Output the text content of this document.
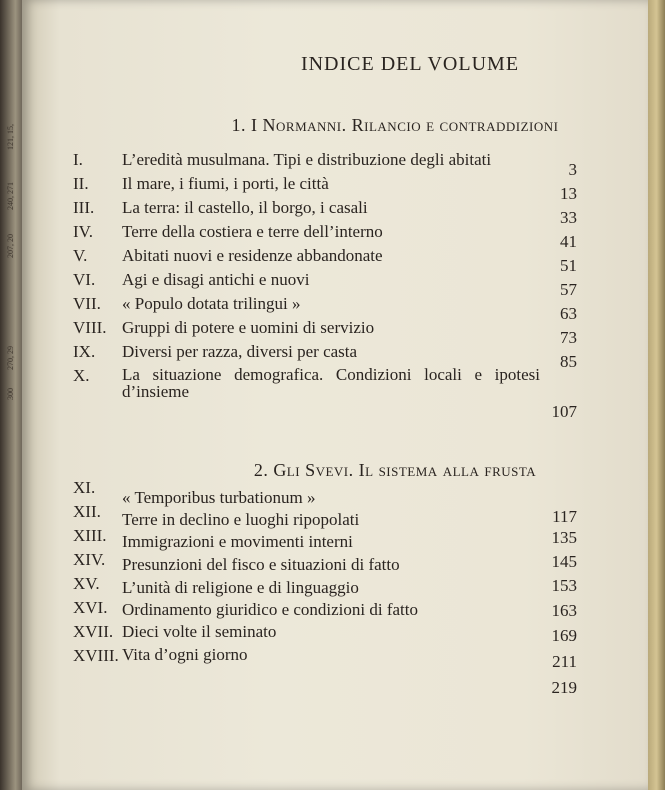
121, 15,
240, 271
207, 20
270, 29
300
INDICE DEL VOLUME
1. I Normanni. Rilancio e contraddizioni
I. L’eredità musulmana. Tipi e distribuzione degli abitati
3
II. Il mare, i fiumi, i porti, le città
13
III. La terra: il castello, il borgo, i casali
33
IV. Terre della costiera e terre dell’interno
41
V. Abitati nuovi e residenze abbandonate
51
VI. Agi e disagi antichi e nuovi
57
VII. « Populo dotata trilingui »
63
VIII. Gruppi di potere e uomini di servizio
73
IX. Diversi per razza, diversi per casta
85
X. La situazione demografica. Condizioni locali e ipotesi d’insieme
107
2. Gli Svevi. Il sistema alla frusta
XI.
« Temporibus turbationum »
117
XII. Terre in declino e luoghi ripopolati
135
XIII. Immigrazioni e movimenti interni
145
XIV. Presunzioni del fisco e situazioni di fatto
153
XV. L’unità di religione e di linguaggio
163
XVI. Ordinamento giuridico e condizioni di fatto
169
XVII. Dieci volte il seminato
211
XVIII. Vita d’ogni giorno
219
